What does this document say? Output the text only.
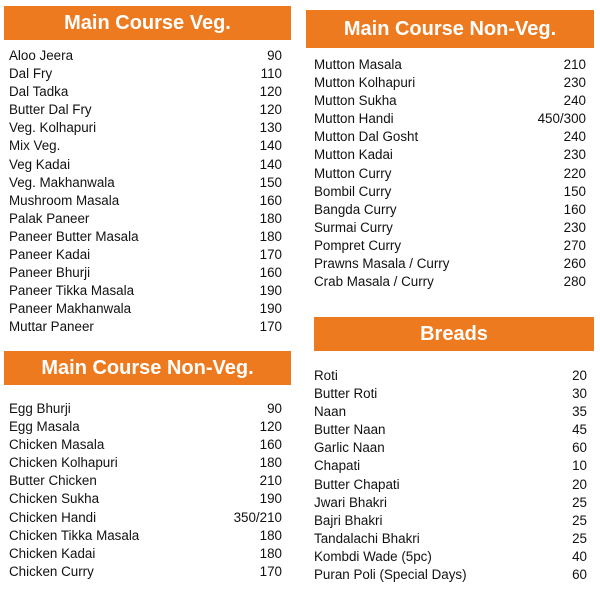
Main Course Veg.
Aloo Jeera	90
Dal Fry	110
Dal Tadka	120
Butter Dal Fry	120
Veg. Kolhapuri	130
Mix Veg.	140
Veg Kadai	140
Veg. Makhanwala	150
Mushroom Masala	160
Palak Paneer	180
Paneer Butter Masala	180
Paneer Kadai	170
Paneer Bhurji	160
Paneer Tikka Masala	190
Paneer Makhanwala	190
Muttar Paneer	170
Main Course Non-Veg.
Egg Bhurji	90
Egg Masala	120
Chicken Masala	160
Chicken Kolhapuri	180
Butter Chicken	210
Chicken Sukha	190
Chicken Handi	350/210
Chicken Tikka Masala	180
Chicken Kadai	180
Chicken Curry	170
Main Course Non-Veg.
Mutton Masala	210
Mutton Kolhapuri	230
Mutton Sukha	240
Mutton Handi	450/300
Mutton Dal Gosht	240
Mutton Kadai	230
Mutton Curry	220
Bombil Curry	150
Bangda Curry	160
Surmai Curry	230
Pompret Curry	270
Prawns Masala / Curry	260
Crab Masala / Curry	280
Breads
Roti	20
Butter Roti	30
Naan	35
Butter Naan	45
Garlic Naan	60
Chapati	10
Butter Chapati	20
Jwari Bhakri	25
Bajri Bhakri	25
Tandalachi Bhakri	25
Kombdi Wade (5pc)	40
Puran Poli (Special Days)	60
